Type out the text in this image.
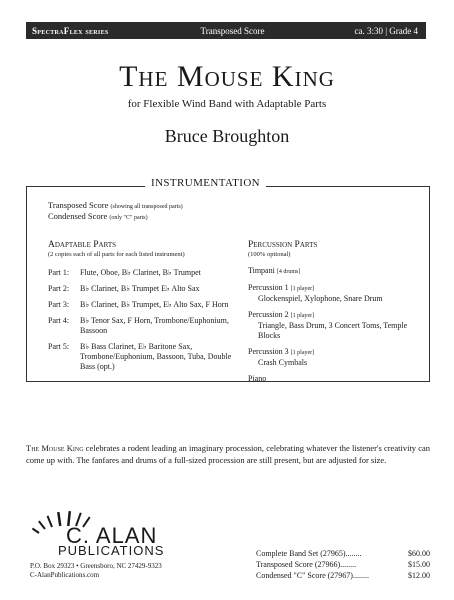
SpectraFlex series	Transposed Score	ca. 3:30 | Grade 4
The Mouse King
for Flexible Wind Band with Adaptable Parts
Bruce Broughton
INSTRUMENTATION
Transposed Score (showing all transposed parts)
Condensed Score (only "C" parts)
Adaptable Parts
(2 copies each of all parts for each listed instrument)
Part 1:	Flute, Oboe, B♭ Clarinet, B♭ Trumpet
Part 2:	B♭ Clarinet, B♭ Trumpet E♭ Alto Sax
Part 3:	B♭ Clarinet, B♭ Trumpet, E♭ Alto Sax, F Horn
Part 4:	B♭ Tenor Sax, F Horn, Trombone/Euphonium, Bassoon
Part 5:	B♭ Bass Clarinet, E♭ Baritone Sax, Trombone/Euphonium, Bassoon, Tuba, Double Bass (opt.)
Percussion Parts
(100% optional)
Timpani [4 drums]
Percussion 1 [1 player]
Glockenspiel, Xylophone, Snare Drum
Percussion 2 [1 player]
Triangle, Bass Drum, 3 Concert Toms, Temple Blocks
Percussion 3 [1 player]
Crash Cymbals
Piano
The Mouse King celebrates a rodent leading an imaginary procession, celebrating whatever the listener's creativity can come up with. The fanfares and drums of a full-sized procession are still present, but are adjusted for size.
C. ALAN
PUBLICATIONS
P.O. Box 29323 • Greensboro, NC 27429-9323
C-AlanPublications.com
Complete Band Set (27965)........	$60.00
Transposed Score (27966)........	$15.00
Condensed "C" Score (27967)........	$12.00
